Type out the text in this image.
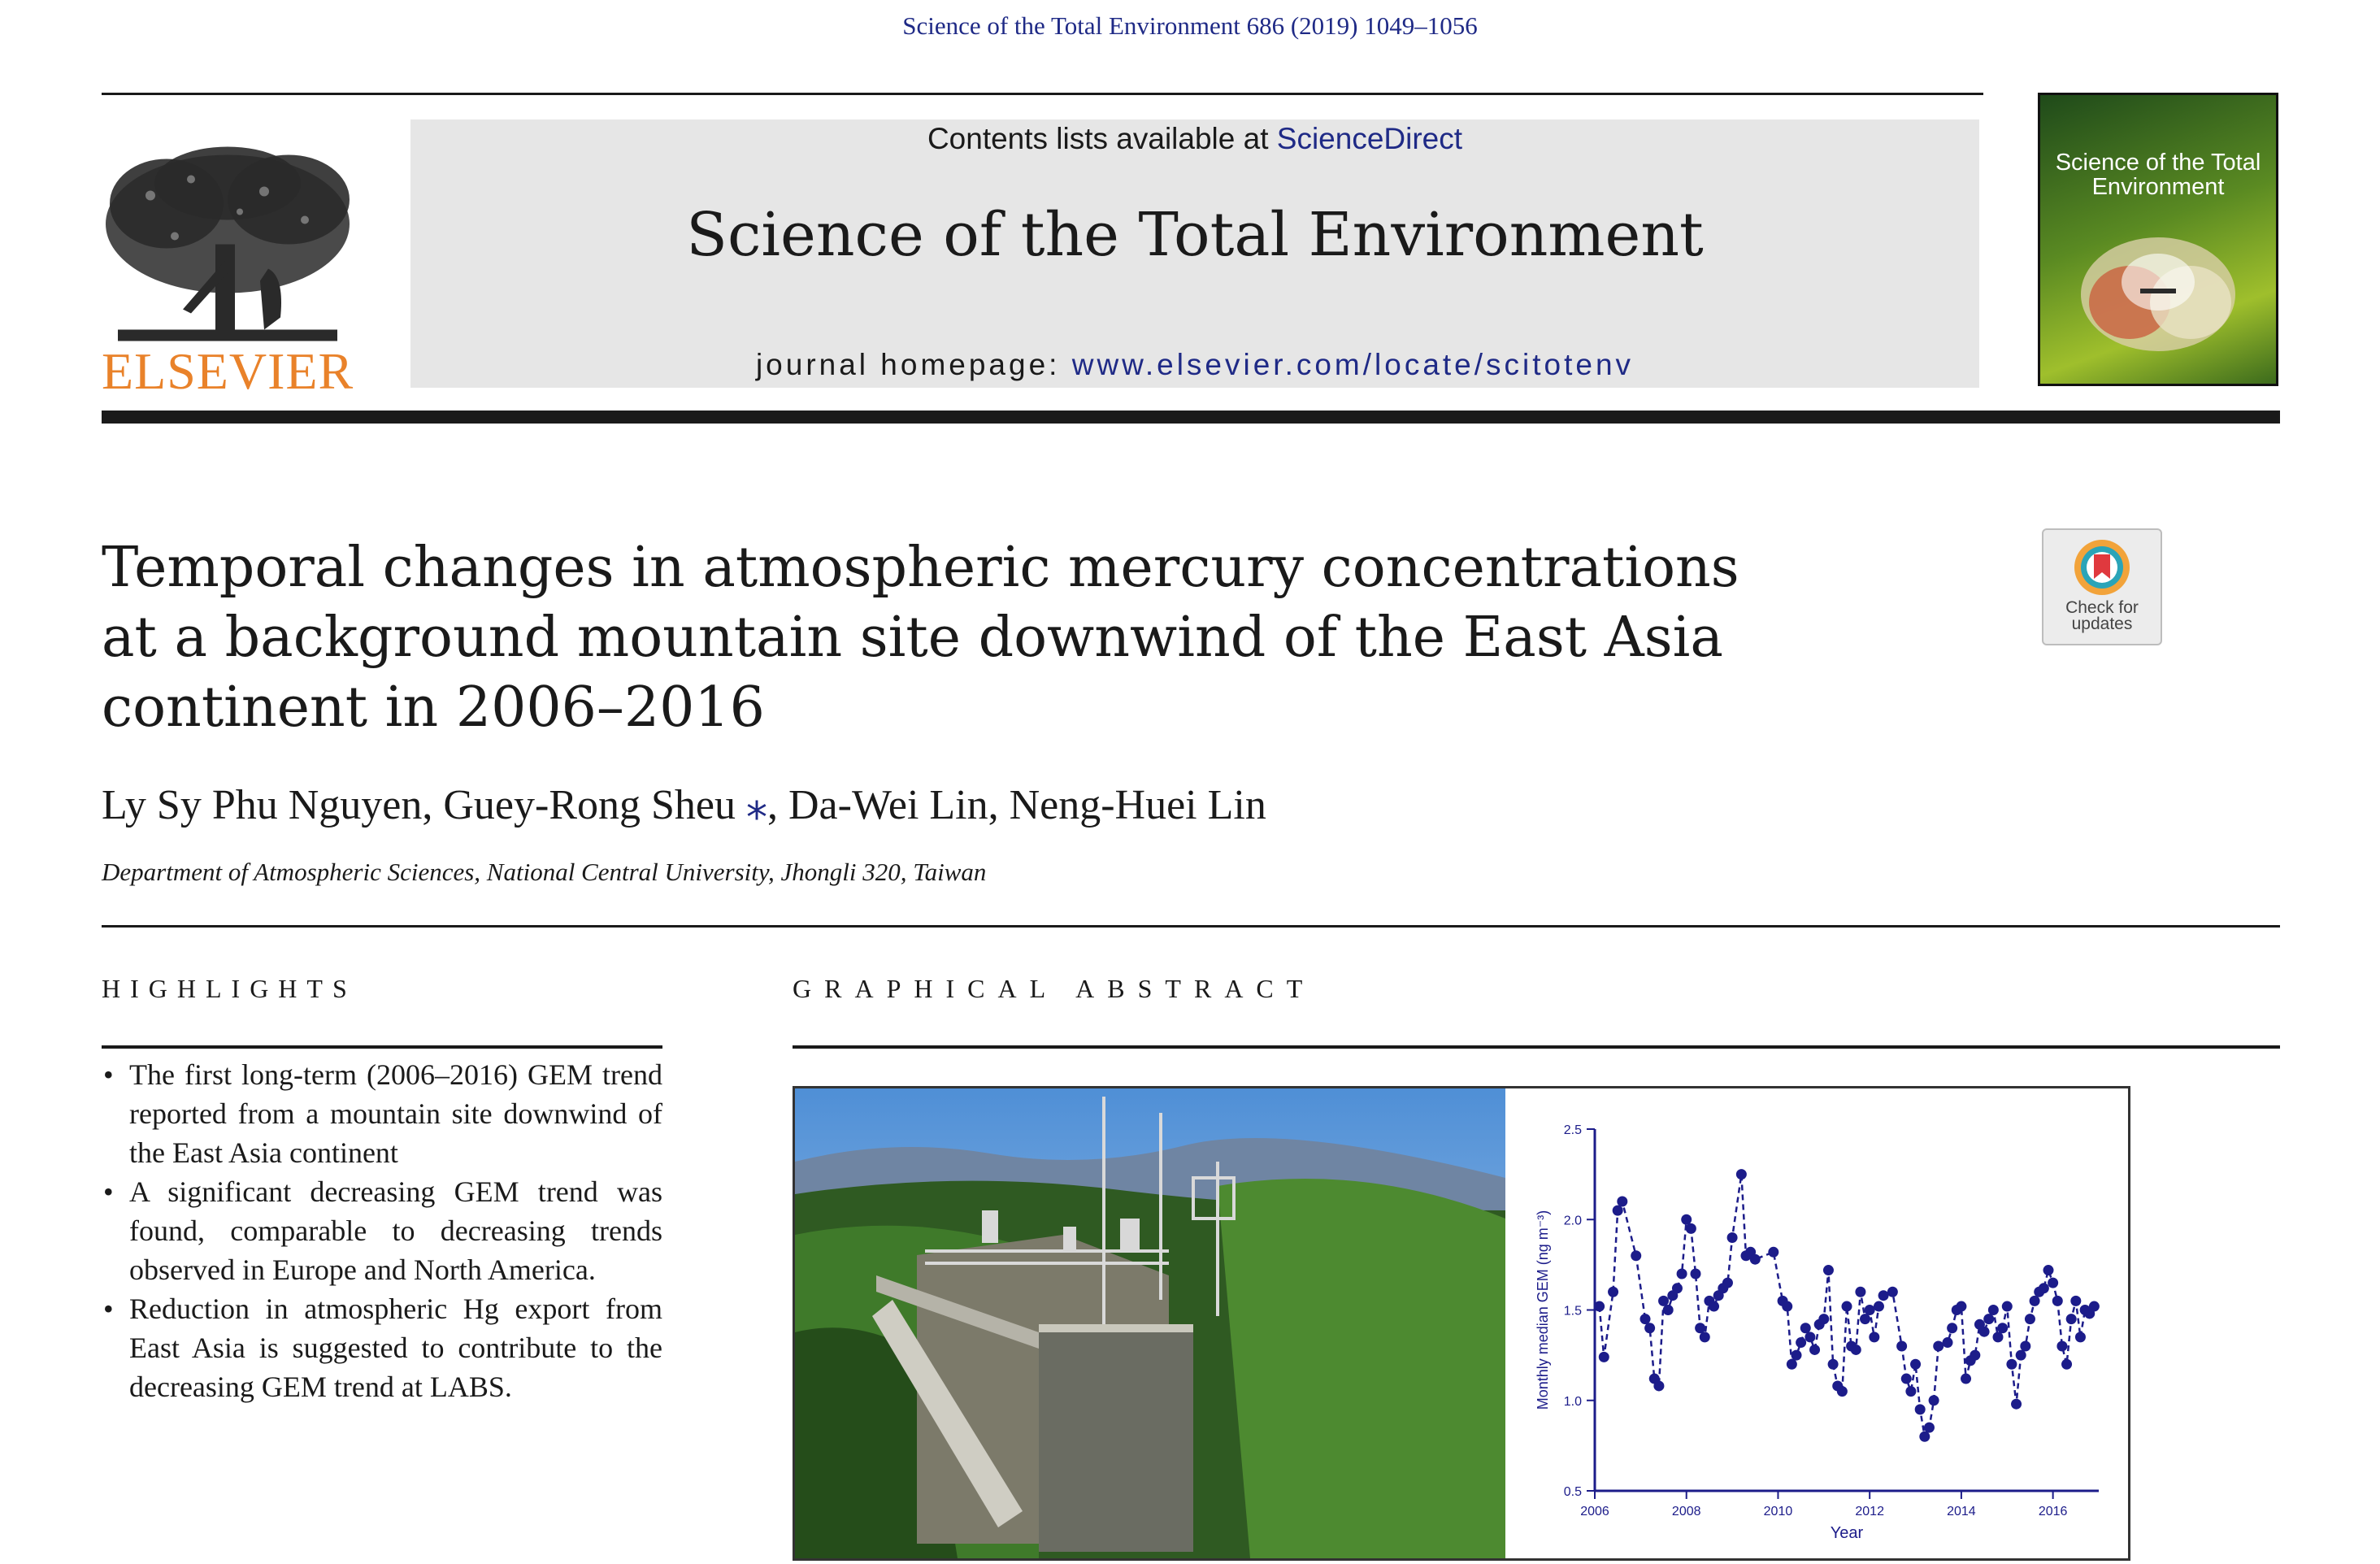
Science of the Total Environment 686 (2019) 1049–1056
ELSEVIER
Contents lists available at ScienceDirect
Science of the Total Environment
journal homepage: www.elsevier.com/locate/scitotenv
Science of the Total Environment
Temporal changes in atmospheric mercury concentrations at a background mountain site downwind of the East Asia continent in 2006–2016
Check for updates
Ly Sy Phu Nguyen, Guey-Rong Sheu ⁎, Da-Wei Lin, Neng-Huei Lin
Department of Atmospheric Sciences, National Central University, Jhongli 320, Taiwan
HIGHLIGHTS
• The first long-term (2006–2016) GEM trend reported from a mountain site downwind of the East Asia continent
• A significant decreasing GEM trend was found, comparable to decreasing trends observed in Europe and North America.
• Reduction in atmospheric Hg export from East Asia is suggested to contribute to the decreasing GEM trend at LABS.
GRAPHICAL ABSTRACT
0.5
1.0
1.5
2.0
2.5
2006	2008	2010	2012	2014	2016
Year
Monthly median GEM (ng m⁻³)
